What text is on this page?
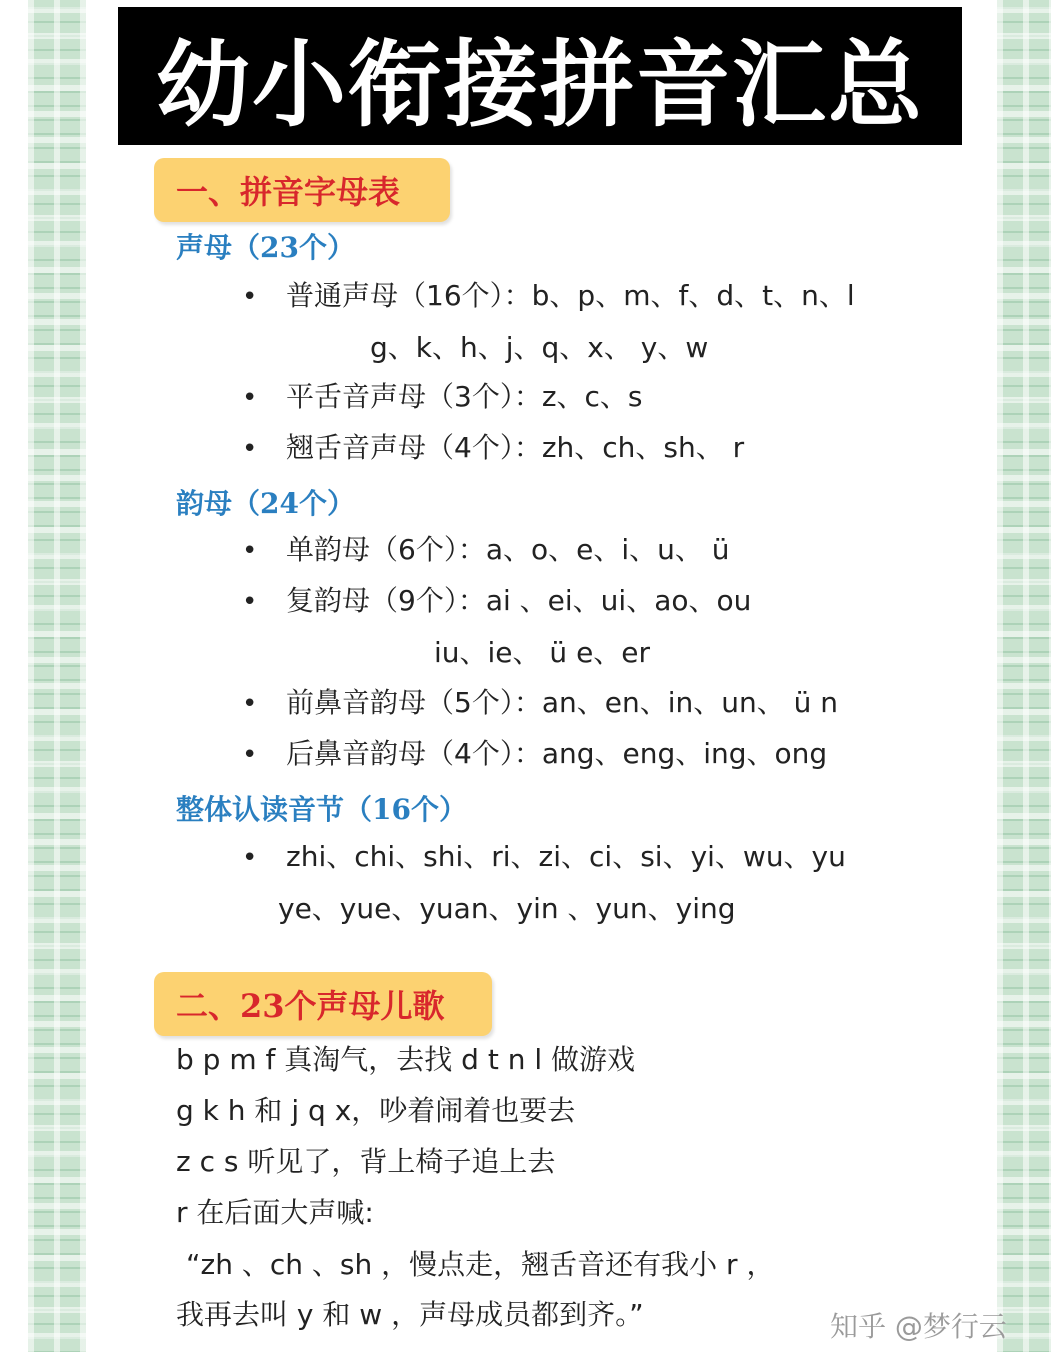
幼小衔接拼音汇总
一、拼音字母表
声母（23个）
• 普通声母（16个）：b、p、m、f、d、t、n、l
g、k、h、j、q、x、 y、w
• 平舌音声母（3个）：z、c、s
• 翘舌音声母（4个）：zh、ch、sh、 r
韵母（24个）
• 单韵母（6个）：a、o、e、i、u、 ü
• 复韵母（9个）：ai 、ei、ui、ao、ou
iu、ie、 ü e、er
• 前鼻音韵母（5个）：an、en、in、un、 ü n
• 后鼻音韵母（4个）：ang、eng、ing、ong
整体认读音节（16个）
• zhi、chi、shi、ri、zi、ci、si、yi、wu、yu
ye、yue、yuan、yin 、yun、ying
二、23个声母儿歌
b p m f 真淘气，去找 d t n l 做游戏
g k h 和 j q x，吵着闹着也要去
z c s 听见了，背上椅子追上去
r 在后面大声喊:
“zh 、ch 、sh ，慢点走，翘舌音还有我小 r ，
我再去叫 y 和 w ，声母成员都到齐。”	知乎 @梦行云
